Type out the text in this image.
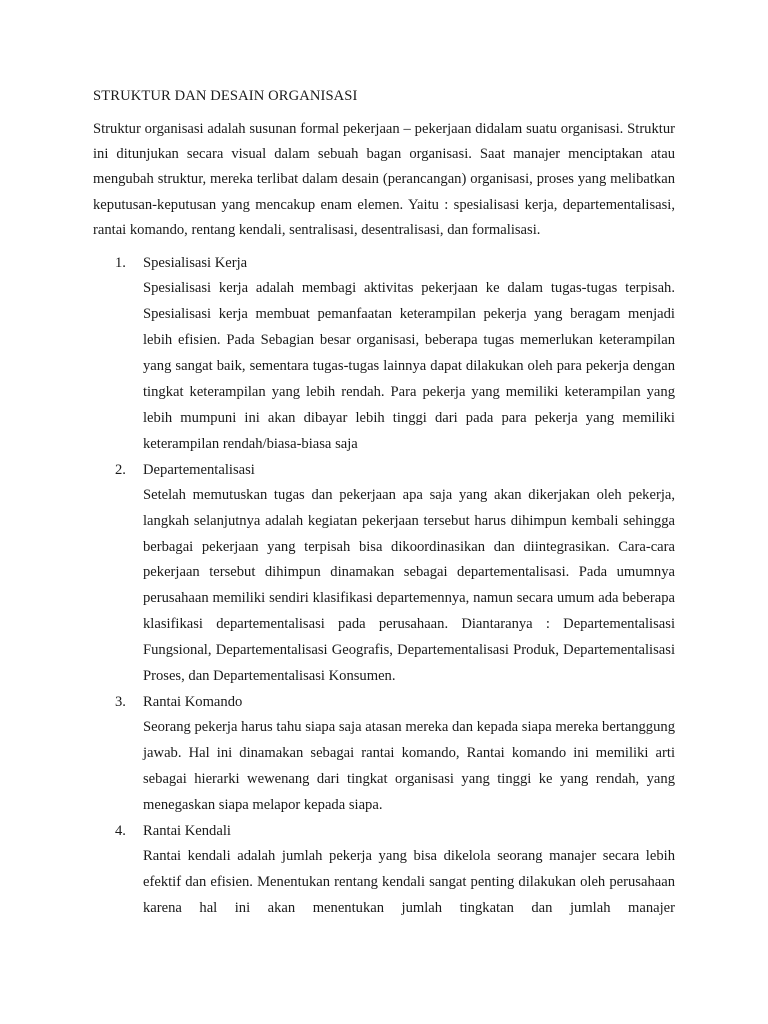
STRUKTUR DAN DESAIN ORGANISASI

Struktur organisasi adalah susunan formal pekerjaan – pekerjaan didalam suatu organisasi. Struktur ini ditunjukan secara visual dalam sebuah bagan organisasi. Saat manajer menciptakan atau mengubah struktur, mereka terlibat dalam desain (perancangan) organisasi, proses yang melibatkan keputusan-keputusan yang mencakup enam elemen. Yaitu : spesialisasi kerja, departementalisasi, rantai komando, rentang kendali, sentralisasi, desentralisasi, dan formalisasi.

1. Spesialisasi Kerja

Spesialisasi kerja adalah membagi aktivitas pekerjaan ke dalam tugas-tugas terpisah. Spesialisasi kerja membuat pemanfaatan keterampilan pekerja yang beragam menjadi lebih efisien. Pada Sebagian besar organisasi, beberapa tugas memerlukan keterampilan yang sangat baik, sementara tugas-tugas lainnya dapat dilakukan oleh para pekerja dengan tingkat keterampilan yang lebih rendah. Para pekerja yang memiliki keterampilan yang lebih mumpuni ini akan dibayar lebih tinggi dari pada para pekerja yang memiliki keterampilan rendah/biasa-biasa saja

2. Departementalisasi

Setelah memutuskan tugas dan pekerjaan apa saja yang akan dikerjakan oleh pekerja, langkah selanjutnya adalah kegiatan pekerjaan tersebut harus dihimpun kembali sehingga berbagai pekerjaan yang terpisah bisa dikoordinasikan dan diintegrasikan. Cara-cara pekerjaan tersebut dihimpun dinamakan sebagai departementalisasi. Pada umumnya perusahaan memiliki sendiri klasifikasi departemennya, namun secara umum ada beberapa klasifikasi departementalisasi pada perusahaan. Diantaranya : Departementalisasi Fungsional, Departementalisasi Geografis, Departementalisasi Produk, Departementalisasi Proses, dan Departementalisasi Konsumen.

3. Rantai Komando

Seorang pekerja harus tahu siapa saja atasan mereka dan kepada siapa mereka bertanggung jawab. Hal ini dinamakan sebagai rantai komando, Rantai komando ini memiliki arti sebagai hierarki wewenang dari tingkat organisasi yang tinggi ke yang rendah, yang menegaskan siapa melapor kepada siapa.

4. Rantai Kendali

Rantai kendali adalah jumlah pekerja yang bisa dikelola seorang manajer secara lebih efektif dan efisien. Menentukan rentang kendali sangat penting dilakukan oleh perusahaan karena hal ini akan menentukan jumlah tingkatan dan jumlah manajer
